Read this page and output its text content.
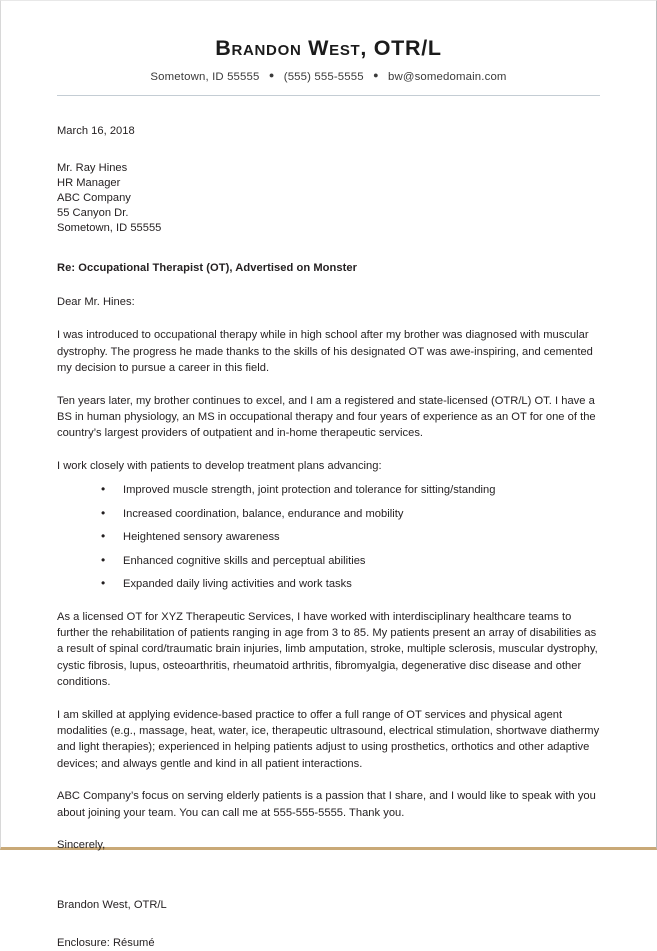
Brandon West, OTR/L
Sometown, ID 55555 ● (555) 555-5555 ● bw@somedomain.com
March 16, 2018
Mr. Ray Hines
HR Manager
ABC Company
55 Canyon Dr.
Sometown, ID 55555
Re: Occupational Therapist (OT), Advertised on Monster
Dear Mr. Hines:

I was introduced to occupational therapy while in high school after my brother was diagnosed with muscular dystrophy. The progress he made thanks to the skills of his designated OT was awe-inspiring, and cemented my decision to pursue a career in this field.

Ten years later, my brother continues to excel, and I am a registered and state-licensed (OTR/L) OT. I have a BS in human physiology, an MS in occupational therapy and four years of experience as an OT for one of the country’s largest providers of outpatient and in-home therapeutic services.

I work closely with patients to develop treatment plans advancing:

• Improved muscle strength, joint protection and tolerance for sitting/standing
• Increased coordination, balance, endurance and mobility
• Heightened sensory awareness
• Enhanced cognitive skills and perceptual abilities
• Expanded daily living activities and work tasks

As a licensed OT for XYZ Therapeutic Services, I have worked with interdisciplinary healthcare teams to further the rehabilitation of patients ranging in age from 3 to 85. My patients present an array of disabilities as a result of spinal cord/traumatic brain injuries, limb amputation, stroke, multiple sclerosis, muscular dystrophy, cystic fibrosis, lupus, osteoarthritis, rheumatoid arthritis, fibromyalgia, degenerative disc disease and other conditions.

I am skilled at applying evidence-based practice to offer a full range of OT services and physical agent modalities (e.g., massage, heat, water, ice, therapeutic ultrasound, electrical stimulation, shortwave diathermy and light therapies); experienced in helping patients adjust to using prosthetics, orthotics and other adaptive devices; and always gentle and kind in all patient interactions.

ABC Company’s focus on serving elderly patients is a passion that I share, and I would like to speak with you about joining your team. You can call me at 555-555-5555. Thank you.

Sincerely,
Brandon West, OTR/L
Enclosure: Résumé
